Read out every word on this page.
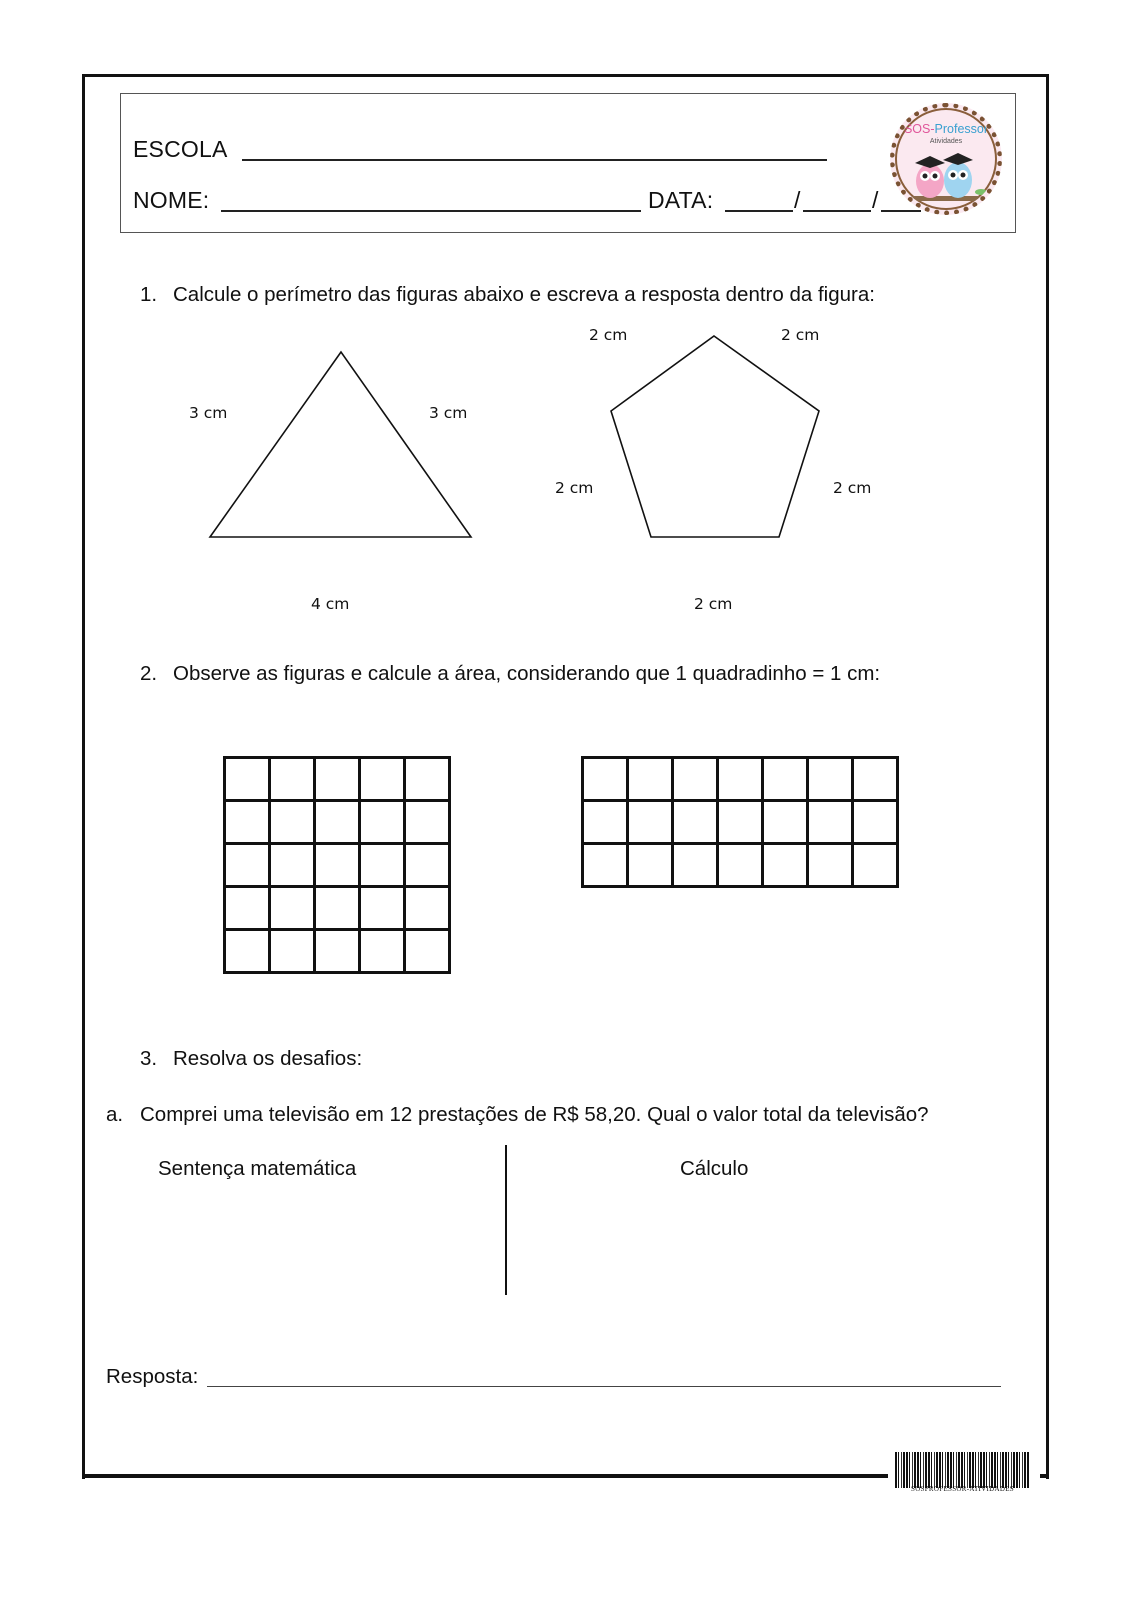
ESCOLA
NOME:	DATA:	/	/
SOS-Professor
Atividades
1. Calcule o perímetro das figuras abaixo e escreva a resposta dentro da figura:
3 cm	3 cm
4 cm
2 cm	2 cm
2 cm	2 cm
2 cm
2. Observe as figuras e calcule a área, considerando que 1 quadradinho = 1 cm:

3. Resolva os desafios:
a. Comprei uma televisão em 12 prestações de R$ 58,20. Qual o valor total da televisão?
Sentença matemática	Cálculo
Resposta:
SOSPROFESSOR-ATIVIDADES
